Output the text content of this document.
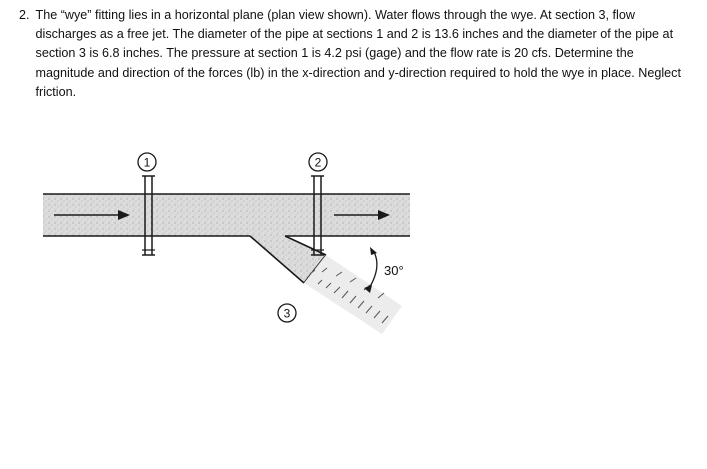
2. The “wye” fitting lies in a horizontal plane (plan view shown). Water flows through the wye. At section 3, flow discharges as a free jet. The diameter of the pipe at sections 1 and 2 is 13.6 inches and the diameter of the pipe at section 3 is 6.8 inches. The pressure at section 1 is 4.2 psi (gage) and the flow rate is 20 cfs. Determine the magnitude and direction of the forces (lb) in the x-direction and y-direction required to hold the wye in place. Neglect friction.

1	2
3
30°
